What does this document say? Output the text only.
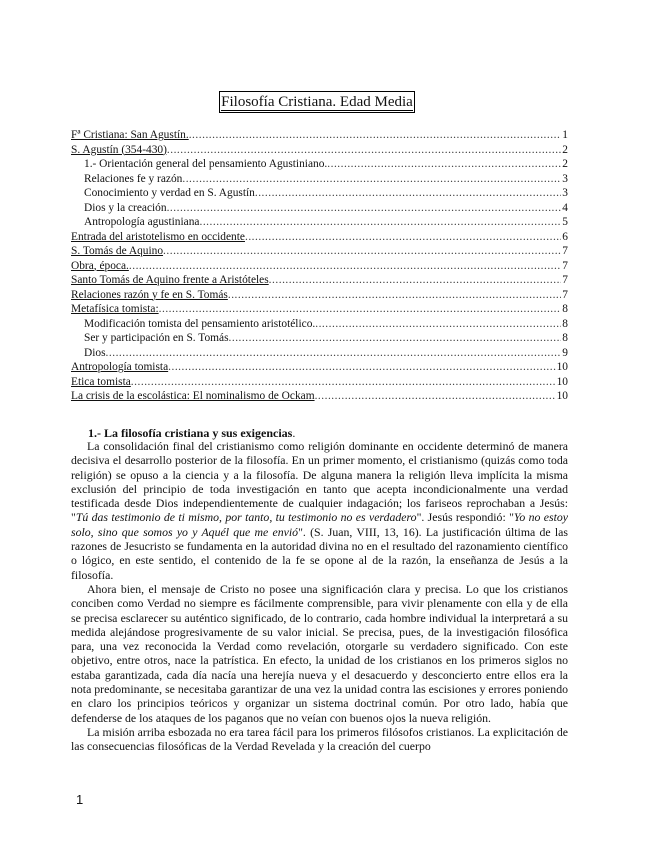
Filosofía Cristiana. Edad Media
Fª Cristiana: San Agustín. .....	1
S. Agustín (354-430) .....	2
1.- Orientación general del pensamiento Agustiniano. .....	2
Relaciones fe y razón .....	3
Conocimiento y verdad en S. Agustín .....	3
Dios y la creación .....	4
Antropología agustiniana .....	5
Entrada del aristotelismo en occidente .....	6
S. Tomás de Aquino .....	7
Obra, época. .....	7
Santo Tomás de Aquino frente a Aristóteles .....	7
Relaciones razón y fe en S. Tomás .....	7
Metafísica tomista: .....	8
Modificación tomista del pensamiento aristotélico. .....	8
Ser y participación en S. Tomás .....	8
Dios .....	9
Antropología tomista .....	10
Etica tomista .....	10
La crisis de la escolástica: El nominalismo de Ockam .....	10
1.- La filosofía cristiana y sus exigencias.

La consolidación final del cristianismo como religión dominante en occidente determinó de manera decisiva el desarrollo posterior de la filosofía. En un primer momento, el cristianismo (quizás como toda religión) se opuso a la ciencia y a la filosofía. De alguna manera la religión lleva implícita la misma exclusión del principio de toda investigación en tanto que acepta incondicionalmente una verdad testificada desde Dios independientemente de cualquier indagación; los fariseos reprochaban a Jesús: "Tú das testimonio de ti mismo, por tanto, tu testimonio no es verdadero". Jesús respondió: "Yo no estoy solo, sino que somos yo y Aquél que me envió". (S. Juan, VIII, 13, 16). La justificación última de las razones de Jesucristo se fundamenta en la autoridad divina no en el resultado del razonamiento científico o lógico, en este sentido, el contenido de la fe se opone al de la razón, la enseñanza de Jesús a la filosofía.

Ahora bien, el mensaje de Cristo no posee una significación clara y precisa. Lo que los cristianos conciben como Verdad no siempre es fácilmente comprensible, para vivir plenamente con ella y de ella se precisa esclarecer su auténtico significado, de lo contrario, cada hombre individual la interpretará a su medida alejándose progresivamente de su valor inicial. Se precisa, pues, de la investigación filosófica para, una vez reconocida la Verdad como revelación, otorgarle su verdadero significado. Con este objetivo, entre otros, nace la patrística. En efecto, la unidad de los cristianos en los primeros siglos no estaba garantizada, cada día nacía una herejía nueva y el desacuerdo y desconcierto entre ellos era la nota predominante, se necesitaba garantizar de una vez la unidad contra las escisiones y errores poniendo en claro los principios teóricos y organizar un sistema doctrinal común. Por otro lado, había que defenderse de los ataques de los paganos que no veían con buenos ojos la nueva religión.

La misión arriba esbozada no era tarea fácil para los primeros filósofos cristianos. La explicitación de las consecuencias filosóficas de la Verdad Revelada y la creación del cuerpo

1
